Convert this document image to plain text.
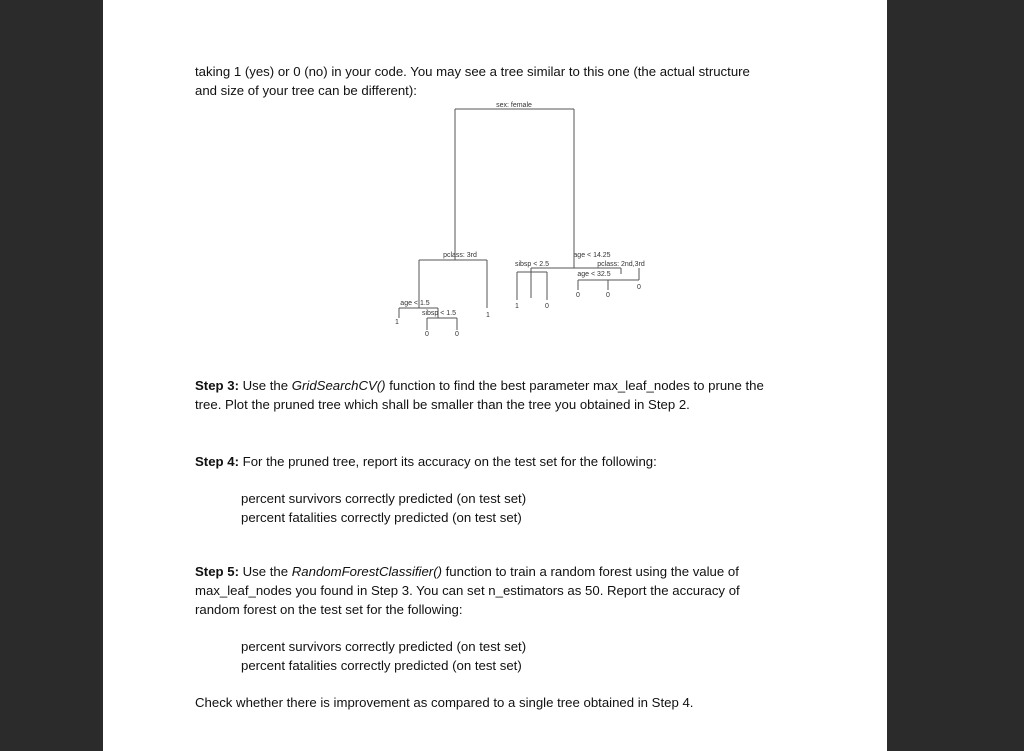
taking 1 (yes) or 0 (no) in your code. You may see a tree similar to this one (the actual structure
and size of your tree can be different):
sex: female
pclass: 3rd
1
age < 1.5
1
sibsp < 1.5
0	0
age < 14.25
sibsp < 2.5
1	0
pclass: 2nd,3rd
age < 32.5
0	0
0
Step 3: Use the GridSearchCV() function to find the best parameter max_leaf_nodes to prune the
tree. Plot the pruned tree which shall be smaller than the tree you obtained in Step 2.
Step 4: For the pruned tree, report its accuracy on the test set for the following:
percent survivors correctly predicted (on test set)
percent fatalities correctly predicted (on test set)
Step 5: Use the RandomForestClassifier() function to train a random forest using the value of
max_leaf_nodes you found in Step 3. You can set n_estimators as 50. Report the accuracy of
random forest on the test set for the following:
percent survivors correctly predicted (on test set)
percent fatalities correctly predicted (on test set)
Check whether there is improvement as compared to a single tree obtained in Step 4.
